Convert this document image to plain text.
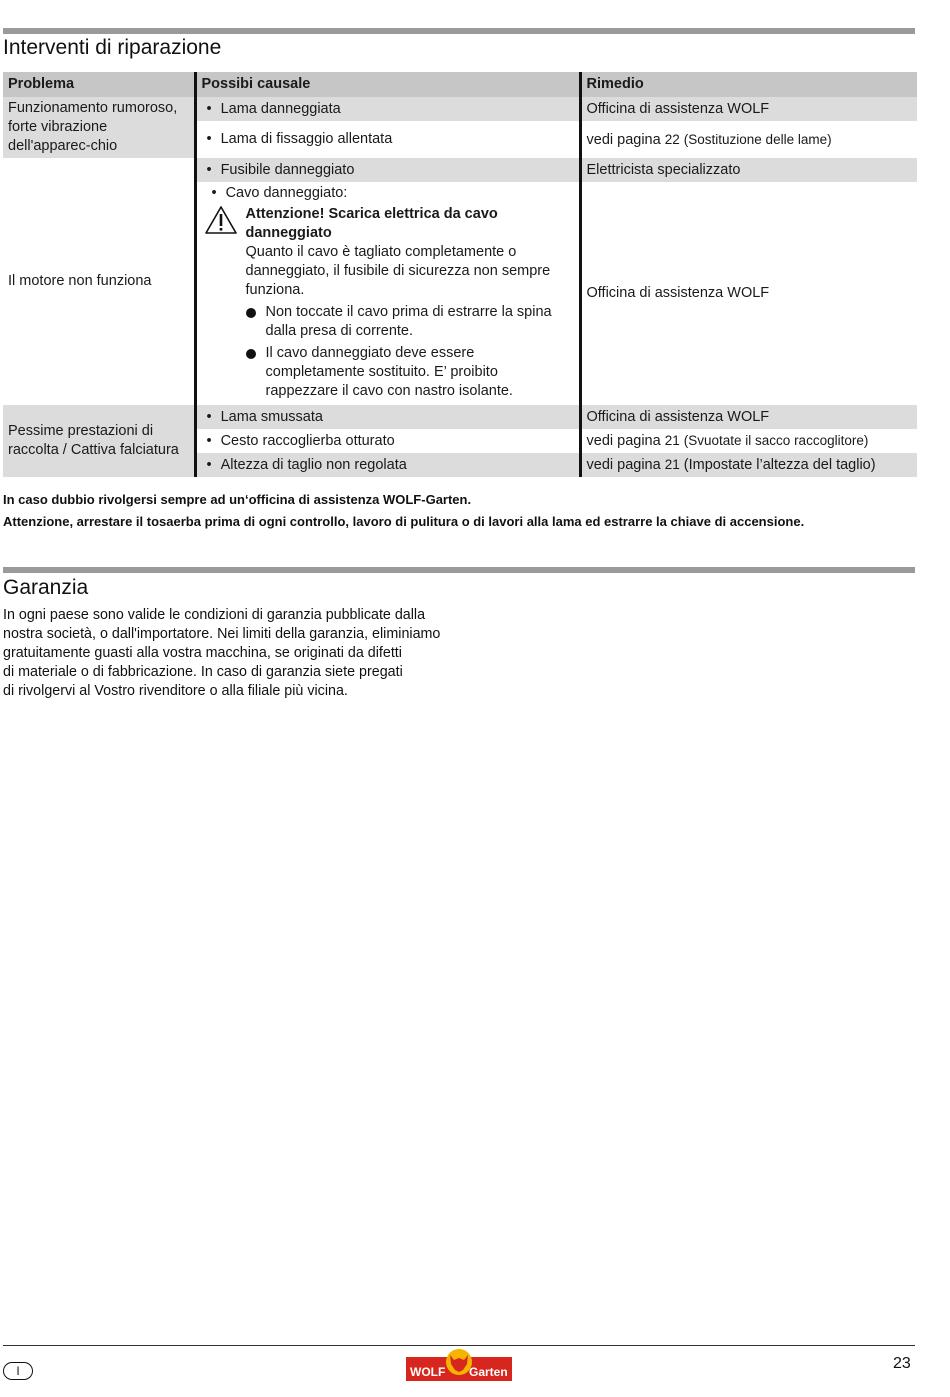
Interventi di riparazione
Problema	Possibi causale	Rimedio
Funzionamento rumoroso, forte vibrazione dell'apparec-chio	• Lama danneggiata	Officina di assistenza WOLF
	• Lama di fissaggio allentata	vedi pagina 22 (Sostituzione delle lame)
Il motore non funziona	• Fusibile danneggiato	Elettricista specializzato

	• Cavo danneggiato:
Attenzione! Scarica elettrica da cavo danneggiato
Quanto il cavo è tagliato completamente o danneggiato, il fusibile di sicurezza non sempre funziona.
Non toccate il cavo prima di estrarre la spina dalla presa di corrente.
Il cavo danneggiato deve essere completamente sostituito. E’ proibito rappezzare il cavo con nastro isolante.	Officina di assistenza WOLF
Pessime prestazioni di raccolta / Cattiva falciatura	• Lama smussata	Officina di assistenza WOLF
	• Cesto raccoglierba otturato	vedi pagina 21 (Svuotate il sacco raccoglitore)
	• Altezza di taglio non regolata	vedi pagina 21 (Impostate l’altezza del taglio)
In caso dubbio rivolgersi sempre ad un‘officina di assistenza WOLF-Garten.
Attenzione, arrestare il tosaerba prima di ogni controllo, lavoro di pulitura o di lavori alla lama ed estrarre la chiave di accensione.
Garanzia
In ogni paese sono valide le condizioni di garanzia pubblicate dalla
nostra società, o dall'importatore. Nei limiti della garanzia, eliminiamo
gratuitamente guasti alla vostra macchina, se originati da difetti
di materiale o di fabbricazione. In caso di garanzia siete pregati
di rivolgervi al Vostro rivenditore o alla filiale più vicina.
I	WOLF Garten	23
